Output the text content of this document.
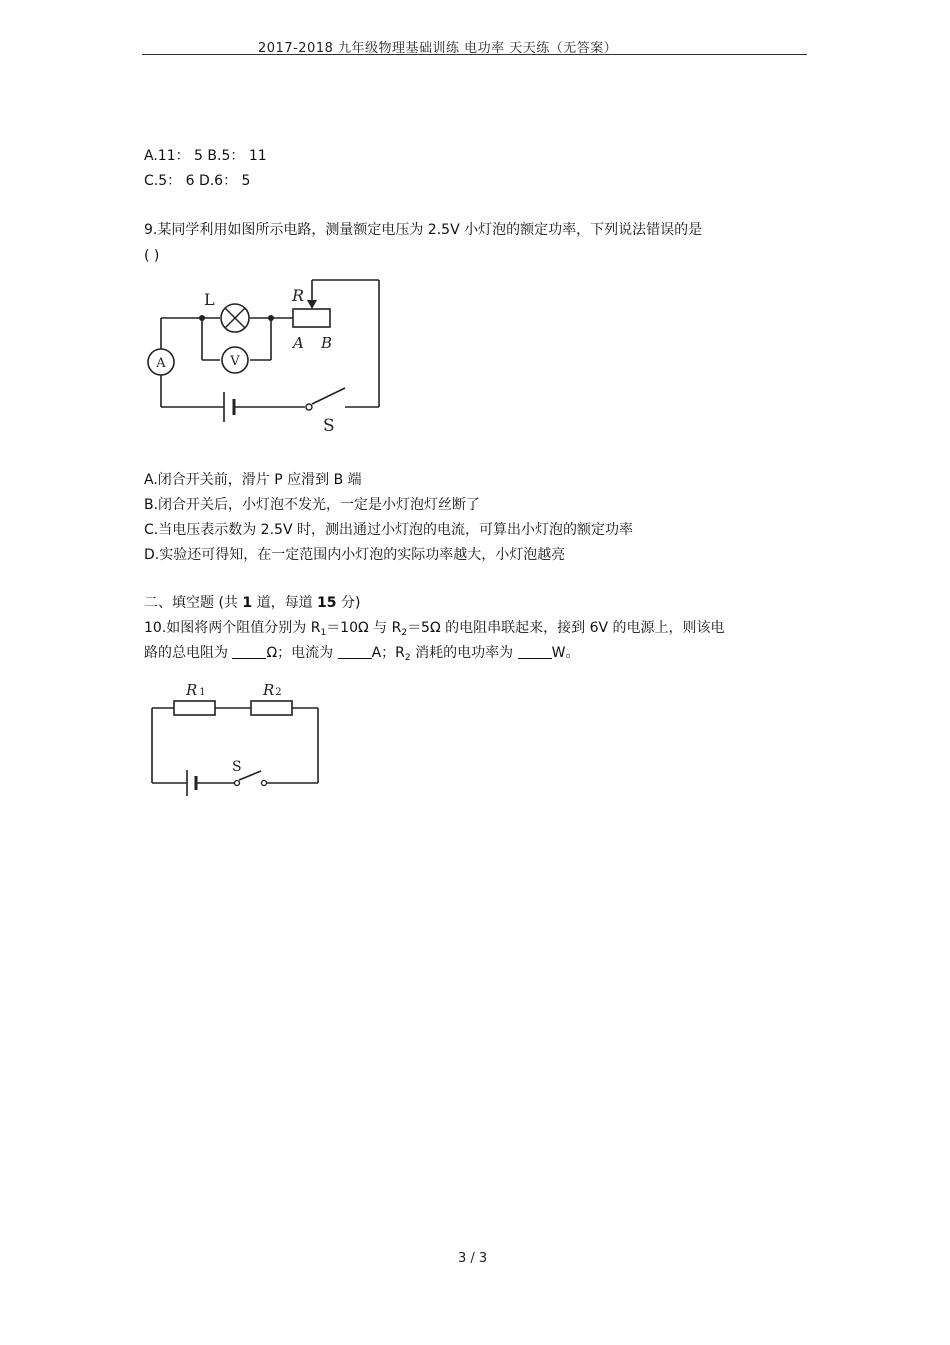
2017-2018 九年级物理基础训练 电功率 天天练（无答案）
A.11： 5 B.5： 11
C.5： 6 D.6： 5
9.某同学利用如图所示电路，测量额定电压为 2.5V 小灯泡的额定功率，下列说法错误的是
( )
A	V
L	R
A B
S
A.闭合开关前，滑片 P 应滑到 B 端
B.闭合开关后，小灯泡不发光，一定是小灯泡灯丝断了
C.当电压表示数为 2.5V 时，测出通过小灯泡的电流，可算出小灯泡的额定功率
D.实验还可得知，在一定范围内小灯泡的实际功率越大，小灯泡越亮
二、填空题 (共 1 道，每道 15 分)
10.如图将两个阻值分别为 $R_1=10\Omega$ 与 $R_2=5\Omega$ 的电阻串联起来，接到 6V 的电源上，则该电
路的总电阻为 Ω；电流为 A；$R_2$ 消耗的电功率为 W。
R 1	R2
S
3 / 3
